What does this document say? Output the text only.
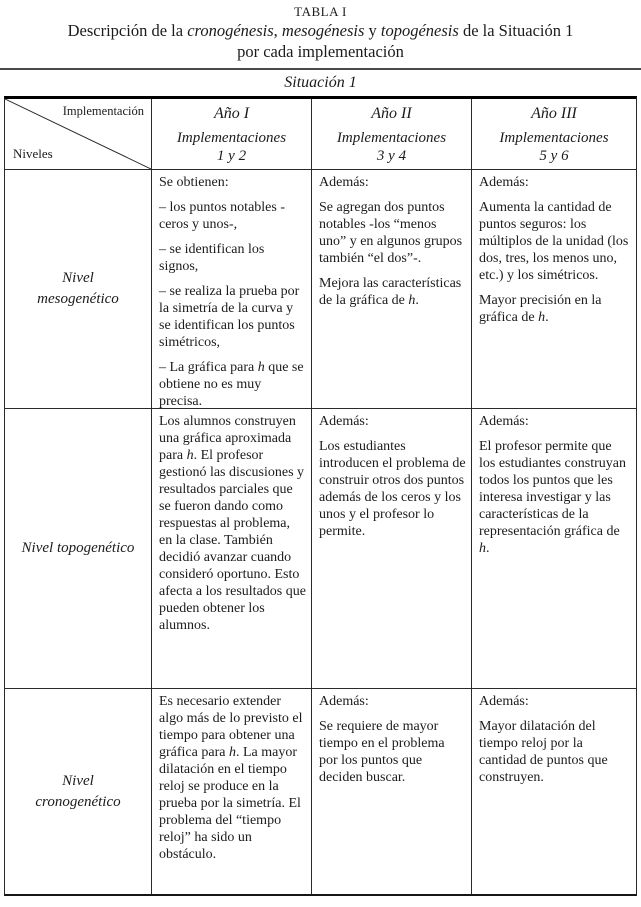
TABLA I
Descripción de la cronogénesis, mesogénesis y topogénesis de la Situación 1
por cada implementación
Situación 1
Implementación
Niveles
Año I
Implementaciones
1 y 2
Año II
Implementaciones
3 y 4
Año III
Implementaciones
5 y 6
Nivel mesogenético

Se obtienen:

– los puntos notables -ceros y unos-,

– se identifican los signos,

– se realiza la prueba por la simetría de la curva y se identifican los puntos simétricos,

– La gráfica para h que se obtiene no es muy precisa.

Además:

Se agregan dos puntos notables -los “menos uno” y en algunos grupos también “el dos”-.

Mejora las características de la gráfica de h.

Además:

Aumenta la cantidad de puntos seguros: los múltiplos de la unidad (los dos, tres, los menos uno, etc.) y los simétricos.

Mayor precisión en la gráfica de h.

Nivel topogenético

Los alumnos construyen una gráfica aproximada para h. El profesor gestionó las discusiones y resultados parciales que se fueron dando como respuestas al problema, en la clase. También decidió avanzar cuando consideró oportuno. Esto afecta a los resultados que pueden obtener los alumnos.

Además:

Los estudiantes introducen el problema de construir otros dos puntos además de los ceros y los unos y el profesor lo permite.

Además:

El profesor permite que los estudiantes construyan todos los puntos que les interesa investigar y las características de la representación gráfica de h.

Nivel cronogenético

Es necesario extender algo más de lo previsto el tiempo para obtener una gráfica para h. La mayor dilatación en el tiempo reloj se produce en la prueba por la simetría. El problema del “tiempo reloj” ha sido un obstáculo.

Además:

Se requiere de mayor tiempo en el problema por los puntos que deciden buscar.

Además:

Mayor dilatación del tiempo reloj por la cantidad de puntos que construyen.
